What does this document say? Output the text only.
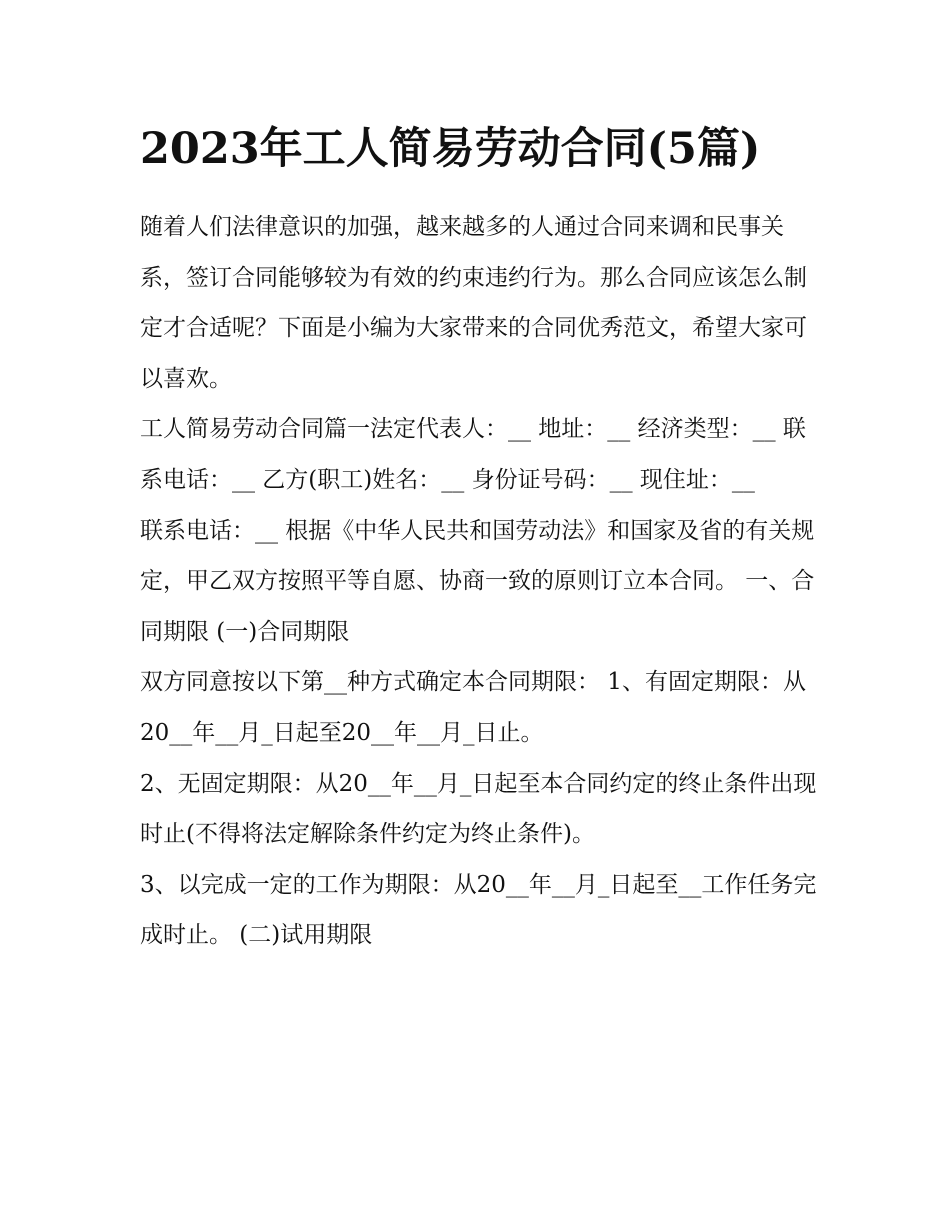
2023年工人简易劳动合同(5篇)

随着人们法律意识的加强，越来越多的人通过合同来调和民事关系，签订合同能够较为有效的约束违约行为。那么合同应该怎么制定才合适呢？下面是小编为大家带来的合同优秀范文，希望大家可以喜欢。

工人简易劳动合同篇一法定代表人：__ 地址：__ 经济类型：__ 联系电话：__ 乙方(职工)姓名：__ 身份证号码：__ 现住址：__

联系电话：__ 根据《中华人民共和国劳动法》和国家及省的有关规定，甲乙双方按照平等自愿、协商一致的原则订立本合同。 一、合同期限 (一)合同期限

双方同意按以下第__种方式确定本合同期限： 1、有固定期限：从20__年__月_日起至20__年__月_日止。

2、无固定期限：从20__年__月_日起至本合同约定的终止条件出现时止(不得将法定解除条件约定为终止条件)。

3、以完成一定的工作为期限：从20__年__月_日起至__工作任务完成时止。 (二)试用期限
